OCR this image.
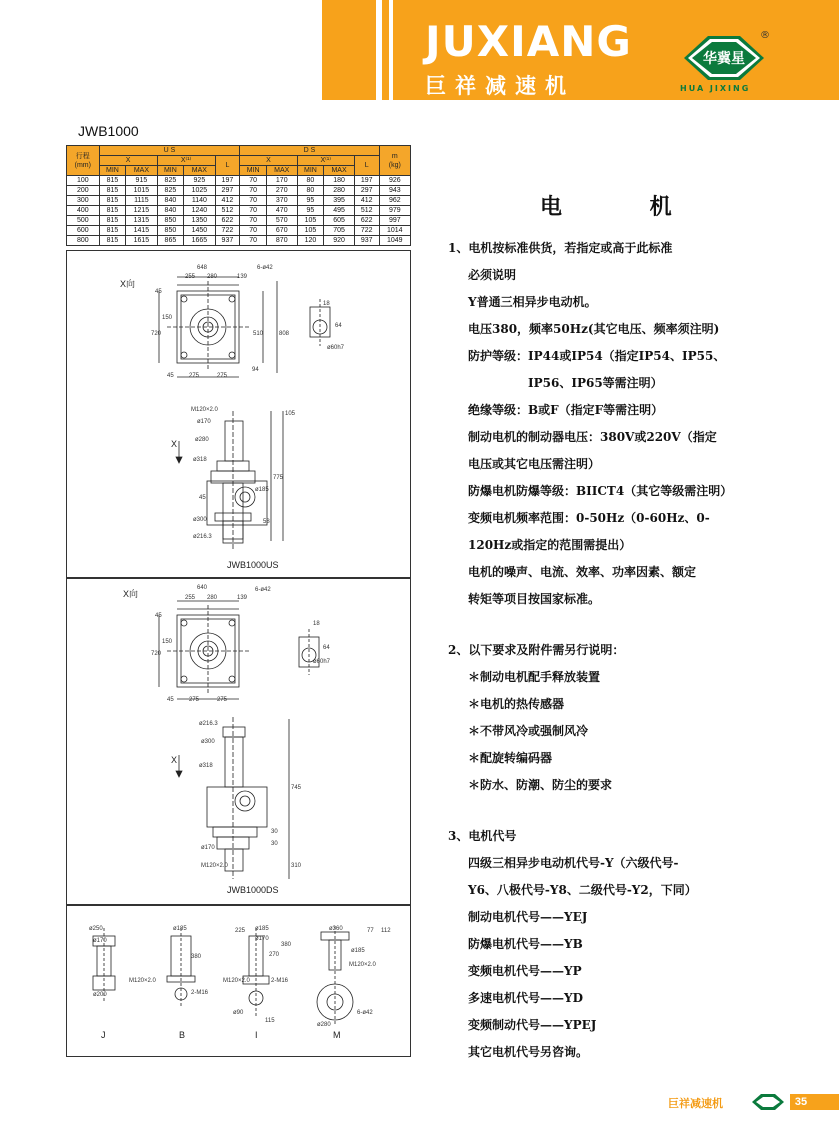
JUXIANG
巨祥减速机
华冀星
HUA JIXING
®
JWB1000
行程
(mm)	U S					D S					m
(kg)
	X		X⁽¹⁾		L	X		X⁽¹⁾		L	
	MIN	MAX	MIN	MAX		MIN	MAX	MIN	MAX		
100	815	915	825	925	197	70	170	80	180	197	926
200	815	1015	825	1025	297	70	270	80	280	297	943
300	815	1115	840	1140	412	70	370	95	395	412	962
400	815	1215	840	1240	512	70	470	95	495	512	979
500	815	1315	850	1350	622	70	570	105	605	622	997
600	815	1415	850	1450	722	70	670	105	705	722	1014
800	815	1615	865	1665	937	70	870	120	920	937	1049
X向
X
JWB1000US
648
255 280	139
6-ø42
45
720
150
510	808
45	275	275
94
ø60h7
18
64
M120×2.0
ø170
ø280
ø318
ø300
ø216.3
ø185
45
775
105
58
X向
X
JWB1000DS
640
255 280	139
6-ø42
45
720
150
45	275	275
ø216.3
ø300
ø318
ø170
M120×2.0
745
30
30
310
ø60h7
18
64
J	B	I	M
ø250
ø170
ø200
M120×2.0
ø185
380
2-M16
225 ø185
ø170
270
380
M120×2.0	2-M16
ø90
115
ø360
ø185
M120×2.0
ø280
6-ø42
77 112
电 机
1、电机按标准供货，若指定或高于此标准
必须说明
Y普通三相异步电动机。
电压380，频率50Hz(其它电压、频率须注明)
防护等级：IP44或IP54（指定IP54、IP55、
IP56、IP65等需注明）
绝缘等级：B或F（指定F等需注明）
制动电机的制动器电压：380V或220V（指定
电压或其它电压需注明）
防爆电机防爆等级：BIICT4（其它等级需注明）
变频电机频率范围：0-50Hz（0-60Hz、0-
120Hz或指定的范围需提出）
电机的噪声、电流、效率、功率因素、额定
转矩等项目按国家标准。
2、以下要求及附件需另行说明：
＊制动电机配手释放装置
＊电机的热传感器
＊不带风冷或强制风冷
＊配旋转编码器
＊防水、防潮、防尘的要求
3、电机代号
四级三相异步电动机代号-Y（六级代号-
Y6、八极代号-Y8、二级代号-Y2，下同）
制动电机代号——YEJ
防爆电机代号——YB
变频电机代号——YP
多速电机代号——YD
变频制动代号——YPEJ
其它电机代号另咨询。
巨祥减速机	35
